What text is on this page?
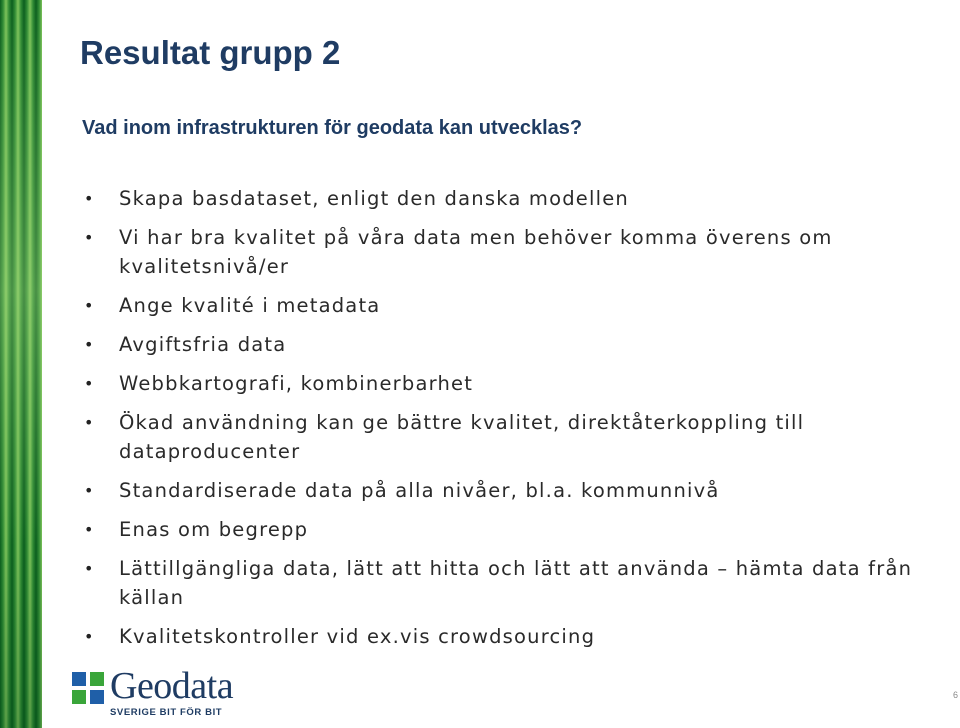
Resultat grupp 2
Vad inom infrastrukturen för geodata kan utvecklas?
• Skapa basdataset, enligt den danska modellen
• Vi har bra kvalitet på våra data men behöver komma överens om kvalitetsnivå/er
• Ange kvalité i metadata
• Avgiftsfria data
• Webbkartografi, kombinerbarhet
• Ökad användning kan ge bättre kvalitet, direktåterkoppling till dataproducenter
• Standardiserade data på alla nivåer, bl.a. kommunnivå
• Enas om begrepp
• Lättillgängliga data, lätt att hitta och lätt att använda – hämta data från källan
• Kvalitetskontroller vid ex.vis crowdsourcing
Geodata
SVERIGE BIT FÖR BIT
6
